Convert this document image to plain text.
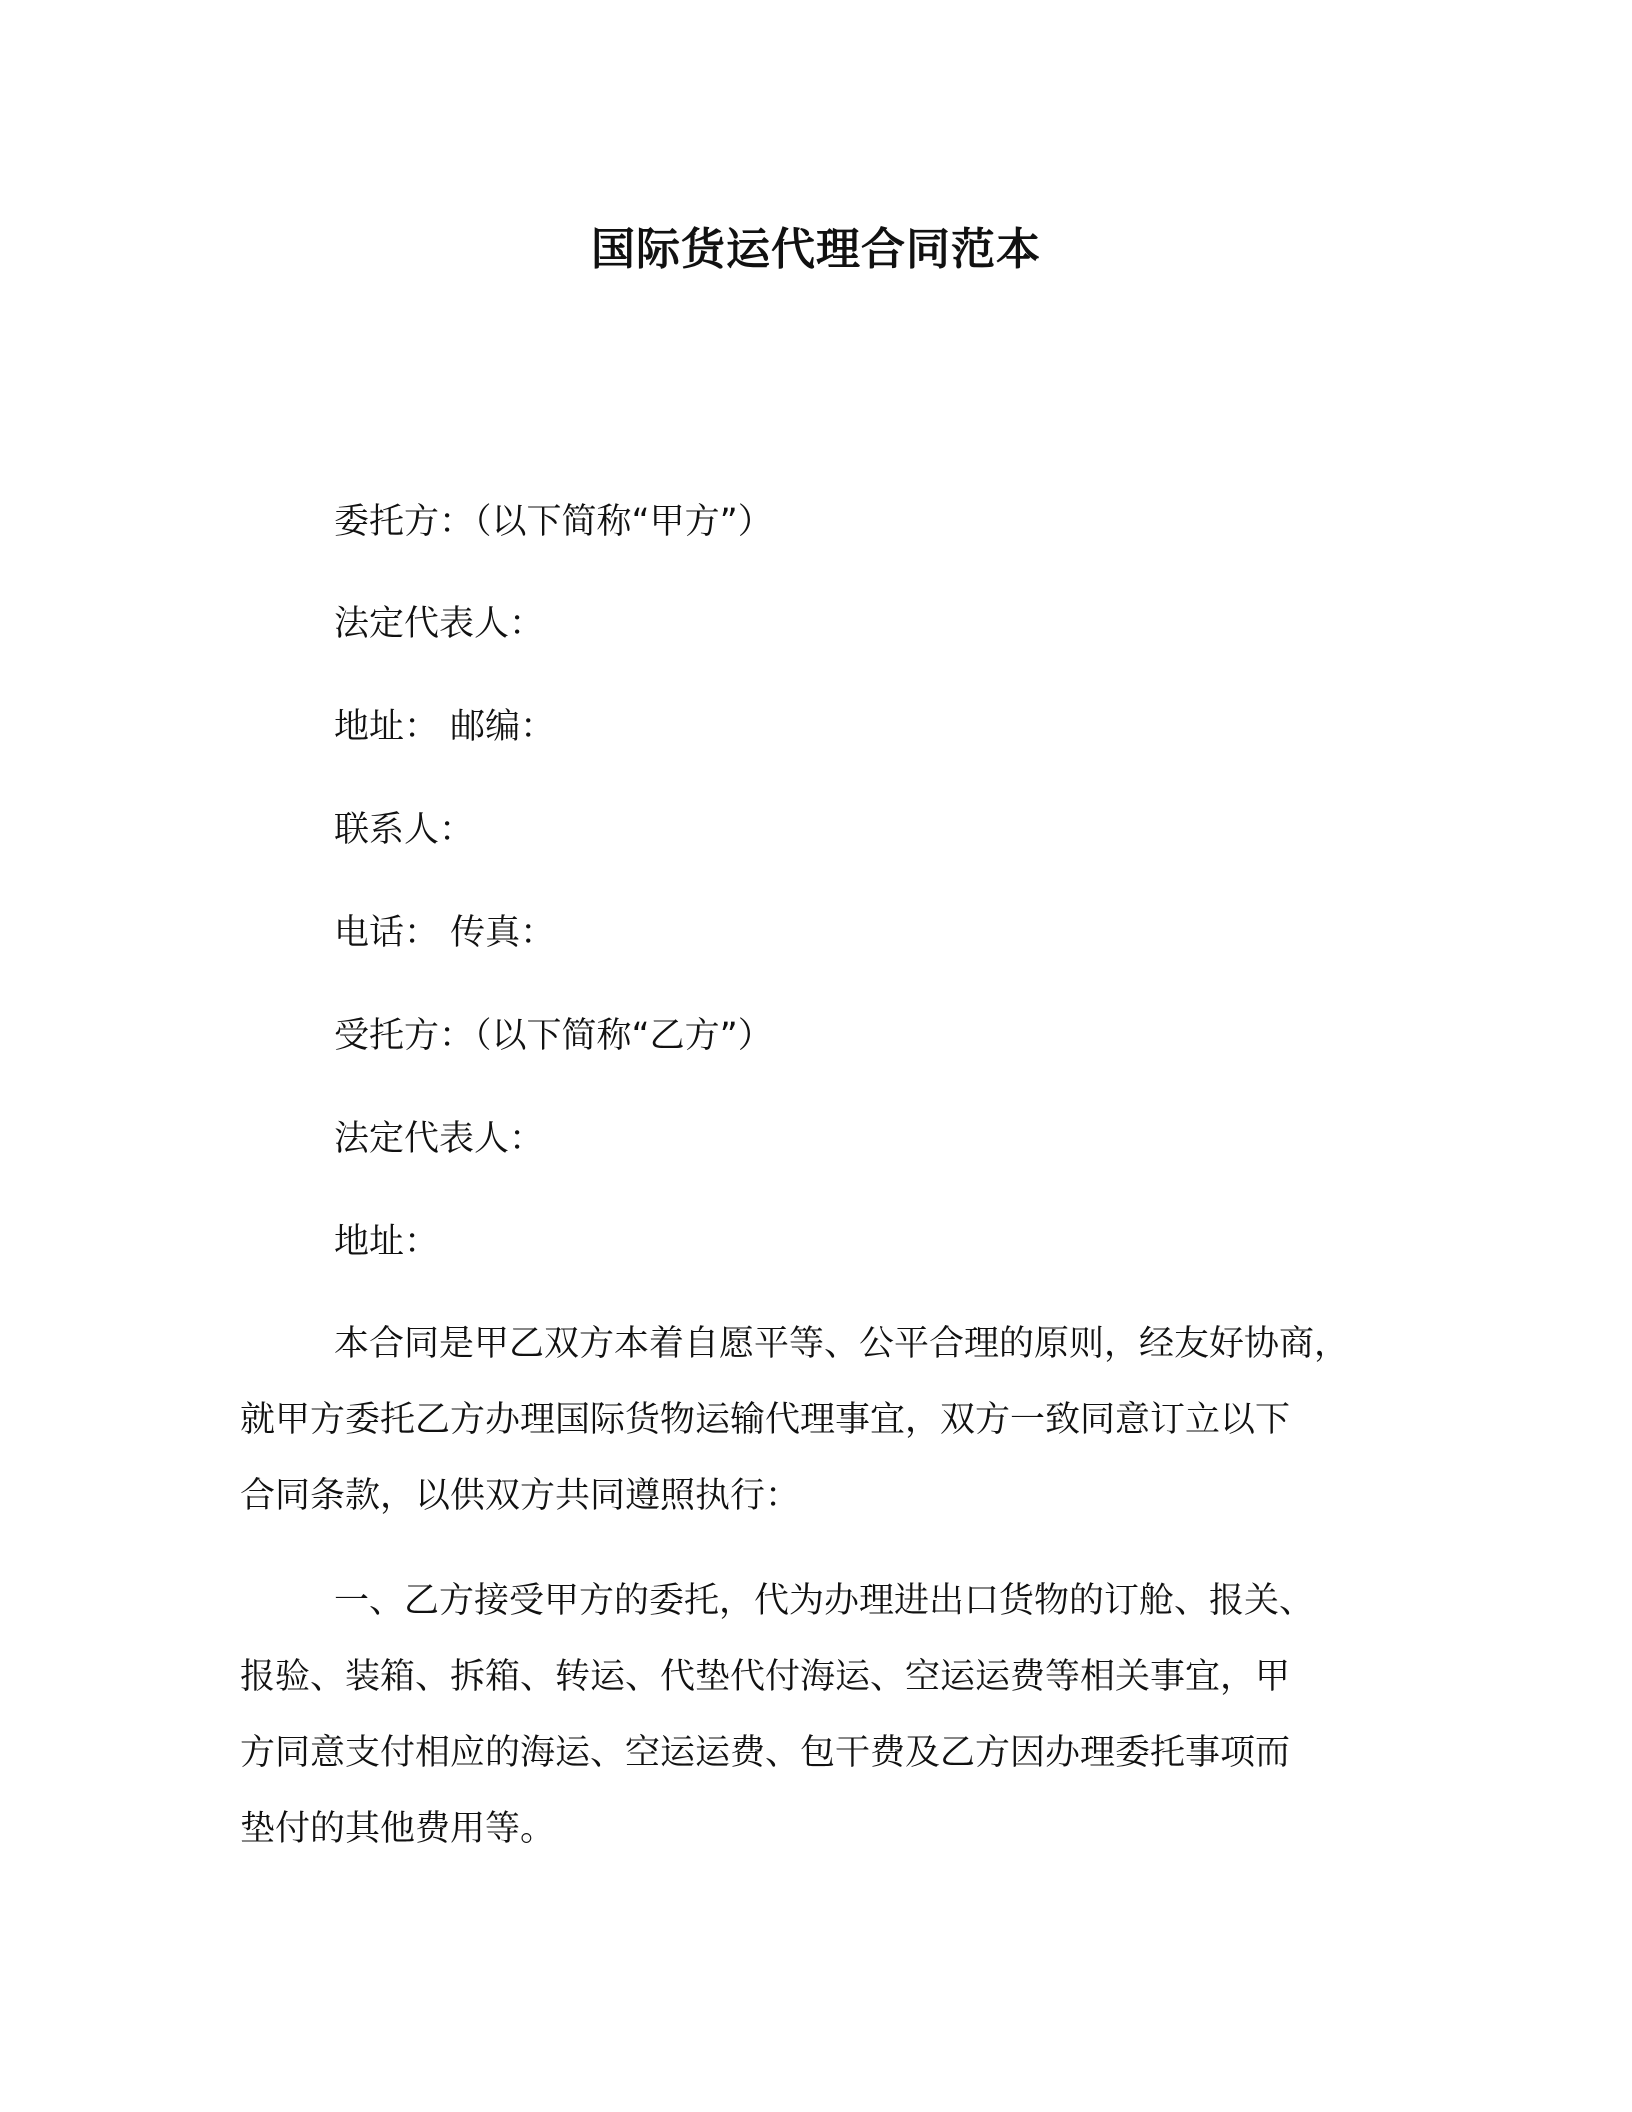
国际货运代理合同范本
委托方：（以下简称“甲方”）
法定代表人：
地址： 邮编：
联系人：
电话： 传真：
受托方：（以下简称“乙方”）
法定代表人：
地址：
本合同是甲乙双方本着自愿平等、公平合理的原则，经友好协商，
就甲方委托乙方办理国际货物运输代理事宜，双方一致同意订立以下
合同条款，以供双方共同遵照执行：
一、乙方接受甲方的委托，代为办理进出口货物的订舱、报关、
报验、装箱、拆箱、转运、代垫代付海运、空运运费等相关事宜，甲
方同意支付相应的海运、空运运费、包干费及乙方因办理委托事项而
垫付的其他费用等。
